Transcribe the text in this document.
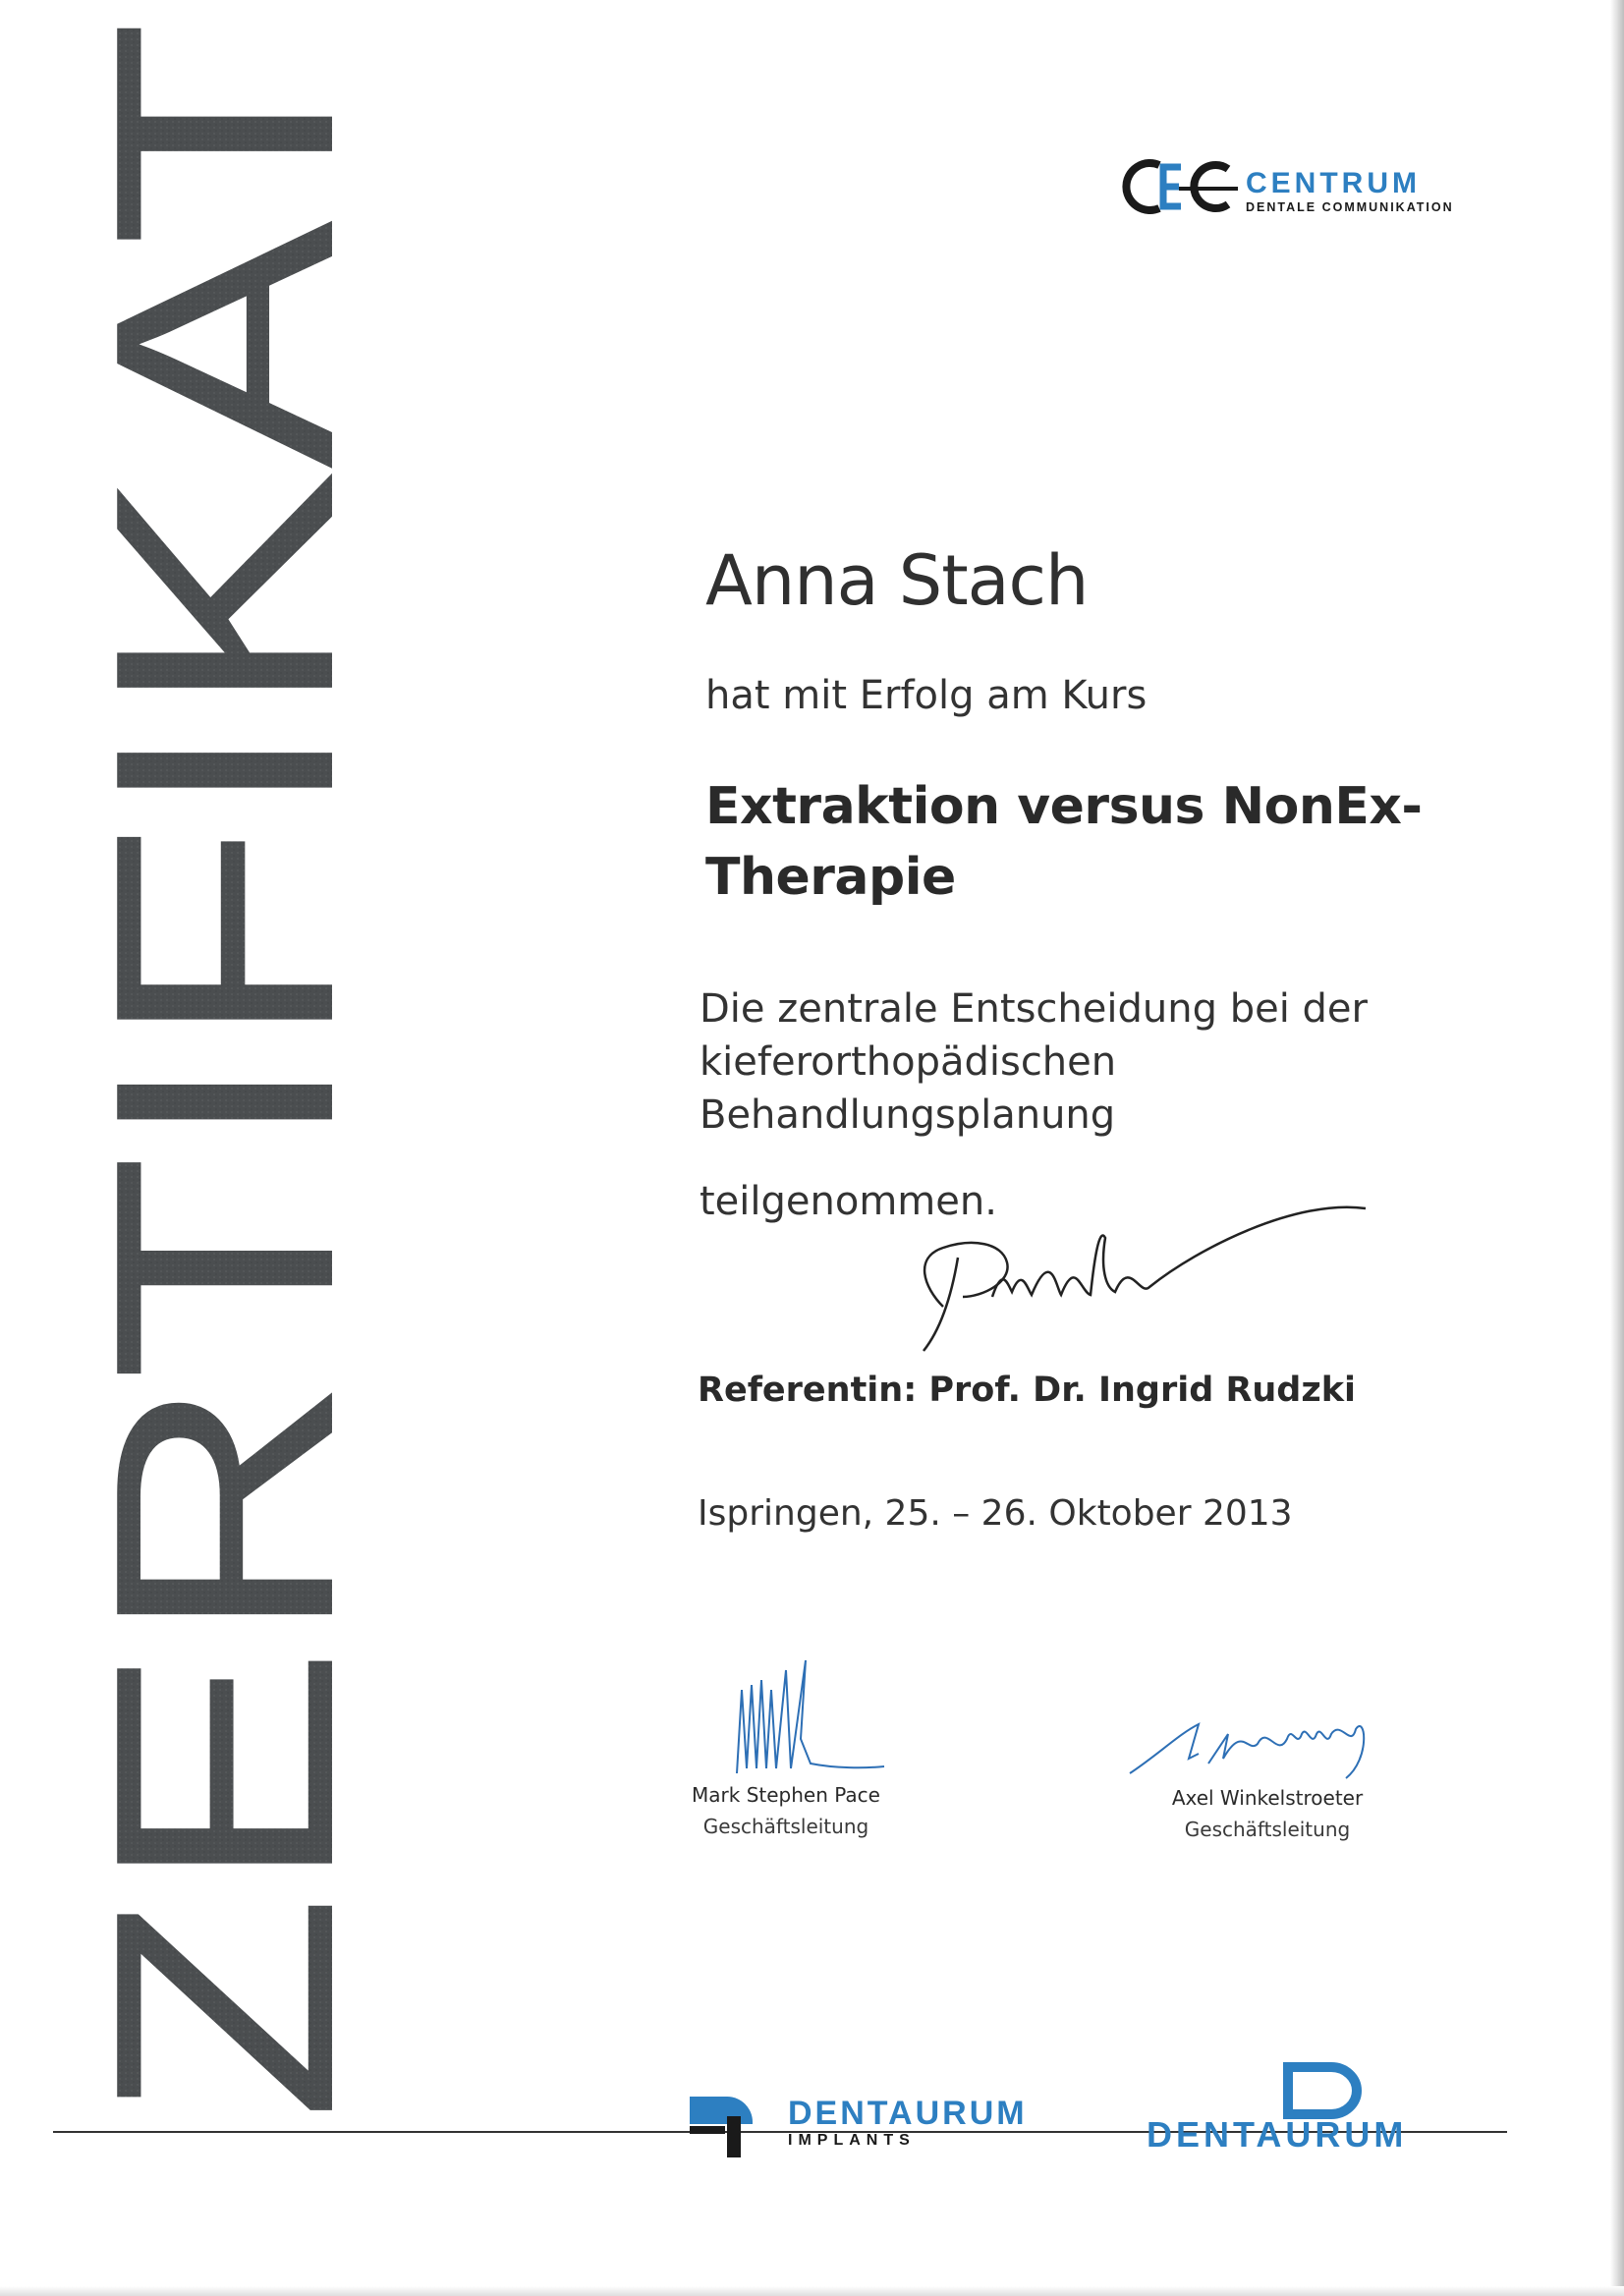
ZERTIFIKAT
CENTRUM
DENTALE COMMUNIKATION
Anna Stach
hat mit Erfolg am Kurs
Extraktion versus NonEx-
Therapie
Die zentrale Entscheidung bei der
kieferorthopädischen
Behandlungsplanung
teilgenommen.
Referentin: Prof. Dr. Ingrid Rudzki
Ispringen, 25. – 26. Oktober 2013
Mark Stephen Pace
Geschäftsleitung
Axel Winkelstroeter
Geschäftsleitung
DENTAURUM
IMPLANTS	DENTAURUM
